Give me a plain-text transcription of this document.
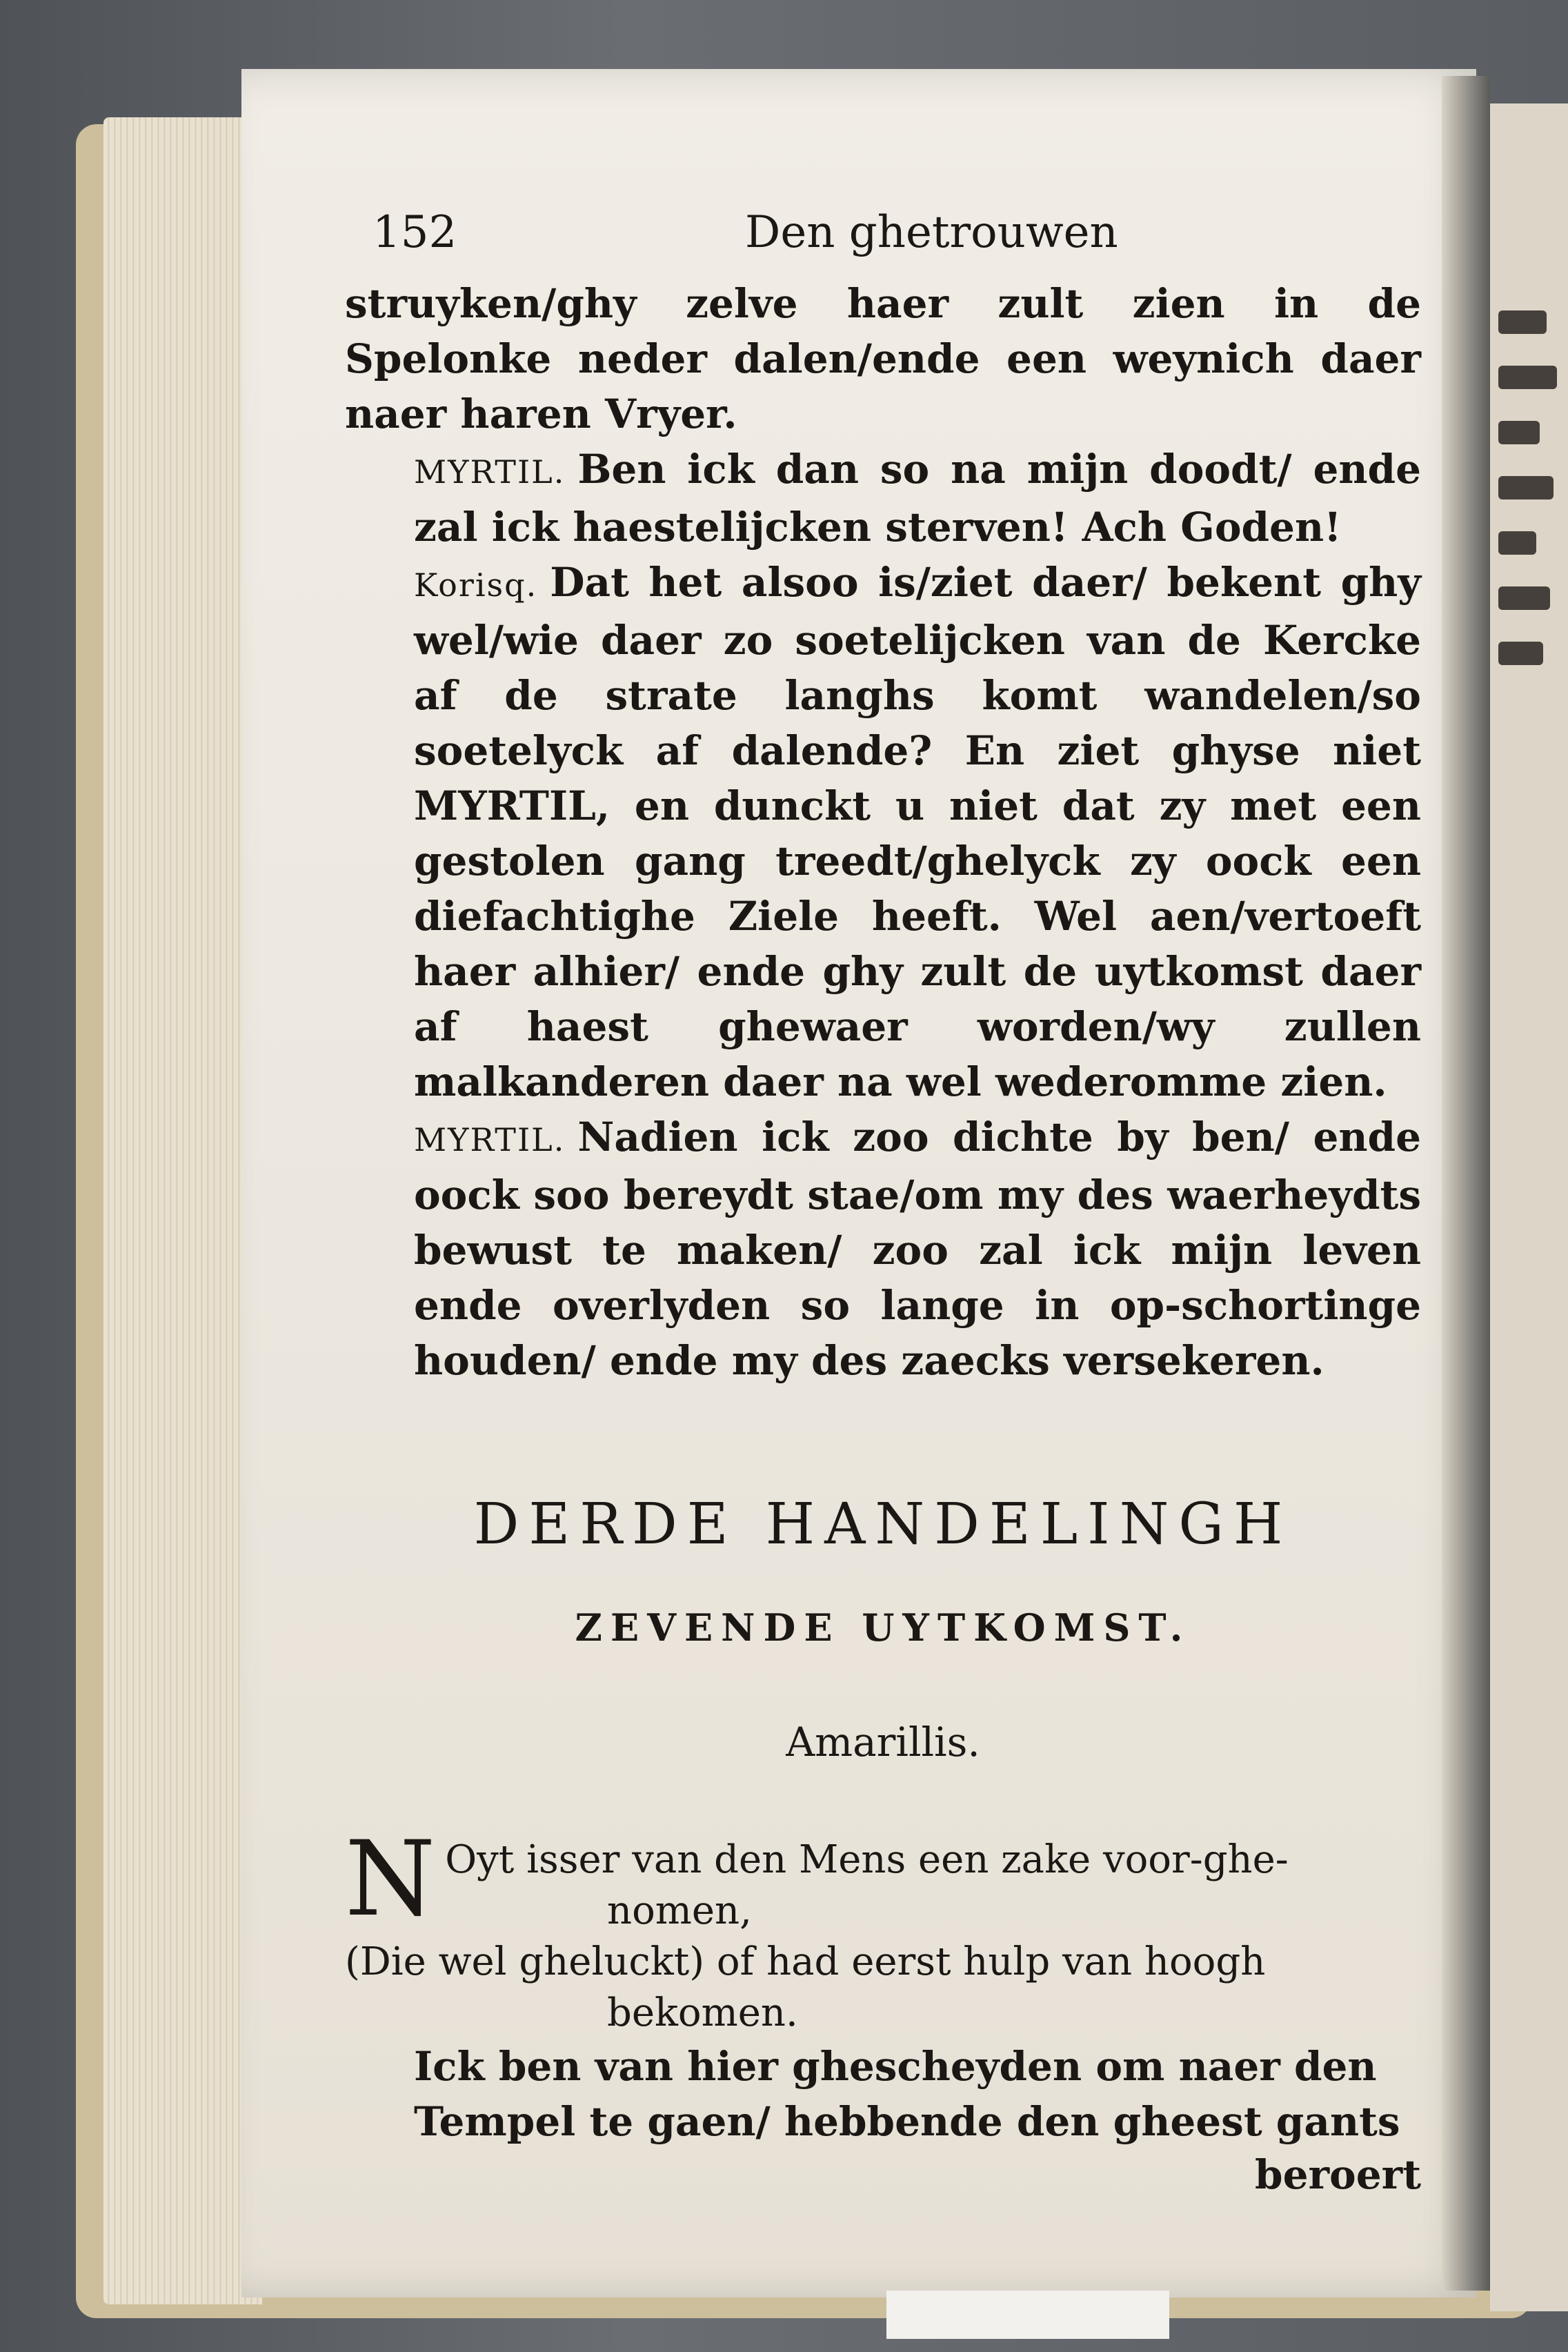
152	Den ghetrouwen

struyken/ghy zelve haer zult zien in de Spelonke neder dalen/ende een weynich daer naer haren Vryer.

MYRTIL. Ben ick dan so na mijn doodt/ ende zal ick haestelijcken sterven! Ach Goden!

Korisq. Dat het alsoo is/ziet daer/ bekent ghy wel/wie daer zo soetelijcken van de Kercke af de strate langhs komt wandelen/so soetelyck af dalende? En ziet ghyse niet MYRTIL, en dunckt u niet dat zy met een gestolen gang treedt/ghelyck zy oock een diefachtighe Ziele heeft. Wel aen/vertoeft haer alhier/ ende ghy zult de uytkomst daer af haest ghewaer worden/wy zullen malkanderen daer na wel wederomme zien.

MYRTIL. Nadien ick zoo dichte by ben/ ende oock soo bereydt stae/om my des waerheydts bewust te maken/ zoo zal ick mijn leven ende overlyden so lange in op-schortinge houden/ ende my des zaecks versekeren.

DERDE HANDELINGH
ZEVENDE UYTKOMST.
Amarillis.
N Oyt isser van den Mens een zake voor-ghe-

nomen,

(Die wel gheluckt) of had eerst hulp van hoogh

bekomen.

Ick ben van hier ghescheyden om naer den Tempel te gaen/ hebbende den gheest gants

beroert
